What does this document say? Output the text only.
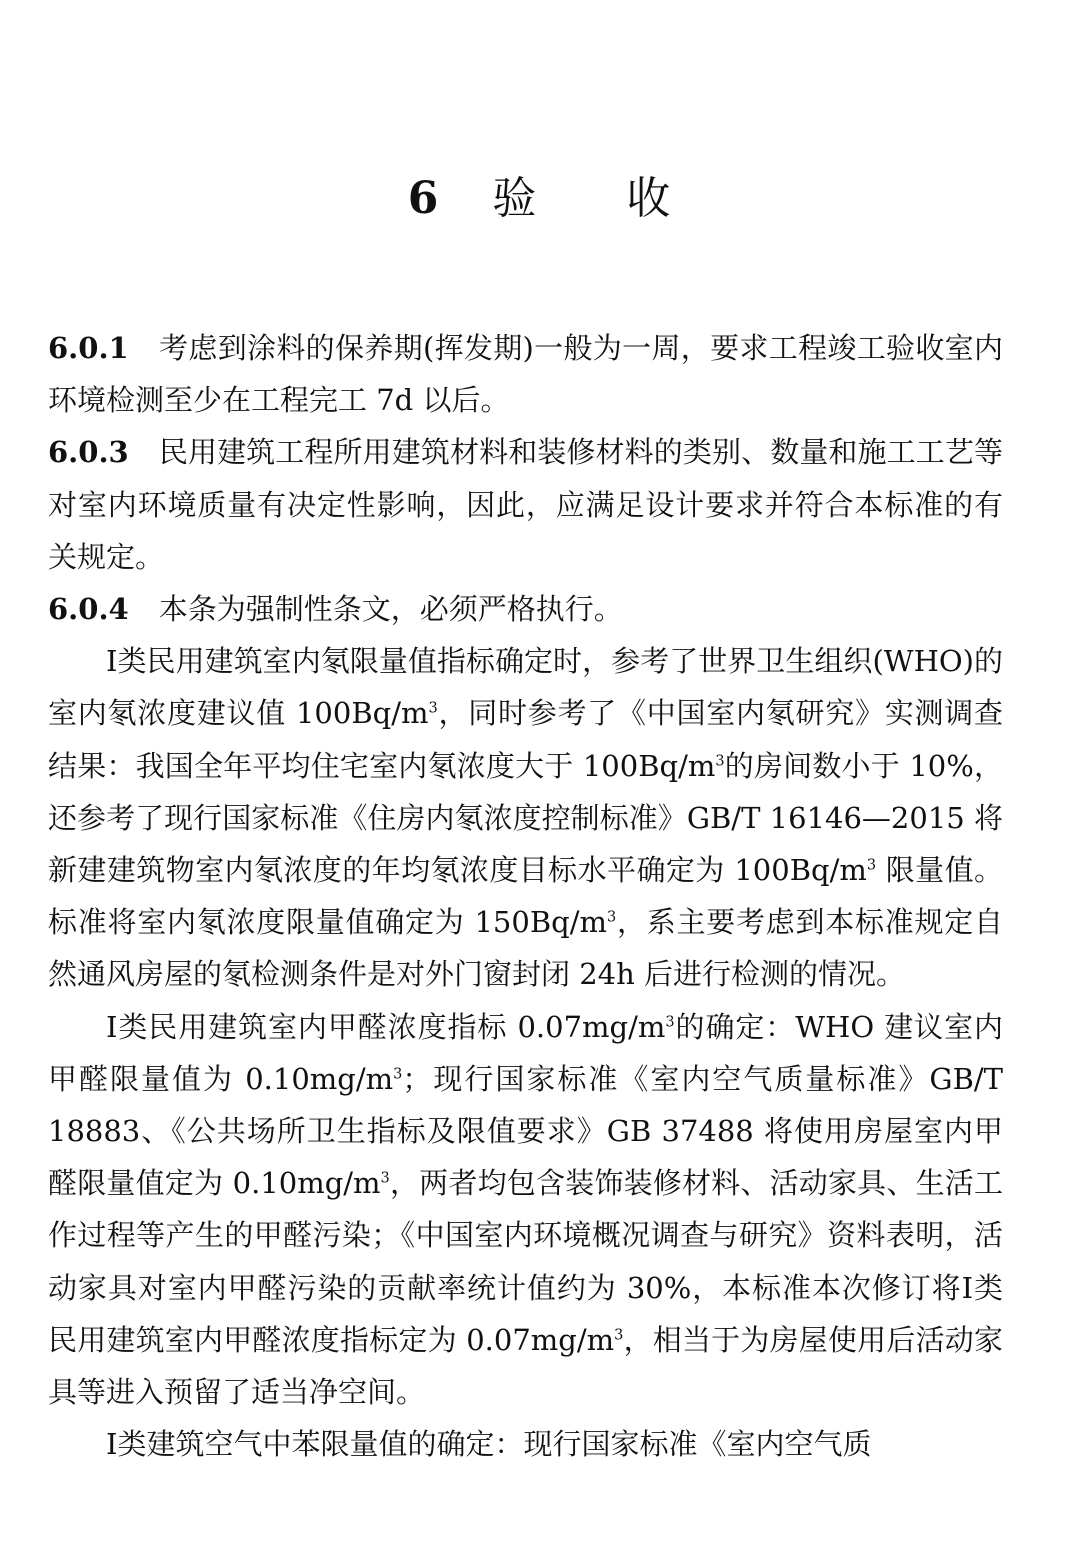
6 验 收

6.0.1 考虑到涂料的保养期(挥发期)一般为一周，要求工程竣工验收室内环境检测至少在工程完工 7d 以后。

6.0.3 民用建筑工程所用建筑材料和装修材料的类别、数量和施工工艺等对室内环境质量有决定性影响，因此，应满足设计要求并符合本标准的有关规定。

6.0.4 本条为强制性条文，必须严格执行。

Ⅰ类民用建筑室内氡限量值指标确定时，参考了世界卫生组织(WHO)的室内氡浓度建议值 $100Bq/m^3$，同时参考了《中国室内氡研究》实测调查结果：我国全年平均住宅室内氡浓度大于 $100Bq/m^3$的房间数小于 10%，还参考了现行国家标准《住房内氡浓度控制标准》GB/T 16146—2015 将新建建筑物室内氡浓度的年均氡浓度目标水平确定为 $100Bq/m^3$ 限量值。标准将室内氡浓度限量值确定为 $150Bq/m^3$，系主要考虑到本标准规定自然通风房屋的氡检测条件是对外门窗封闭 24h 后进行检测的情况。

Ⅰ类民用建筑室内甲醛浓度指标 $0.07mg/m^3$的确定：WHO 建议室内甲醛限量值为 $0.10mg/m^3$；现行国家标准《室内空气质量标准》GB/T 18883、《公共场所卫生指标及限值要求》GB 37488 将使用房屋室内甲醛限量值定为 $0.10mg/m^3$，两者均包含装饰装修材料、活动家具、生活工作过程等产生的甲醛污染；《中国室内环境概况调查与研究》资料表明，活动家具对室内甲醛污染的贡献率统计值约为 30%，本标准本次修订将Ⅰ类民用建筑室内甲醛浓度指标定为 $0.07mg/m^3$，相当于为房屋使用后活动家具等进入预留了适当净空间。

Ⅰ类建筑空气中苯限量值的确定：现行国家标准《室内空气质
